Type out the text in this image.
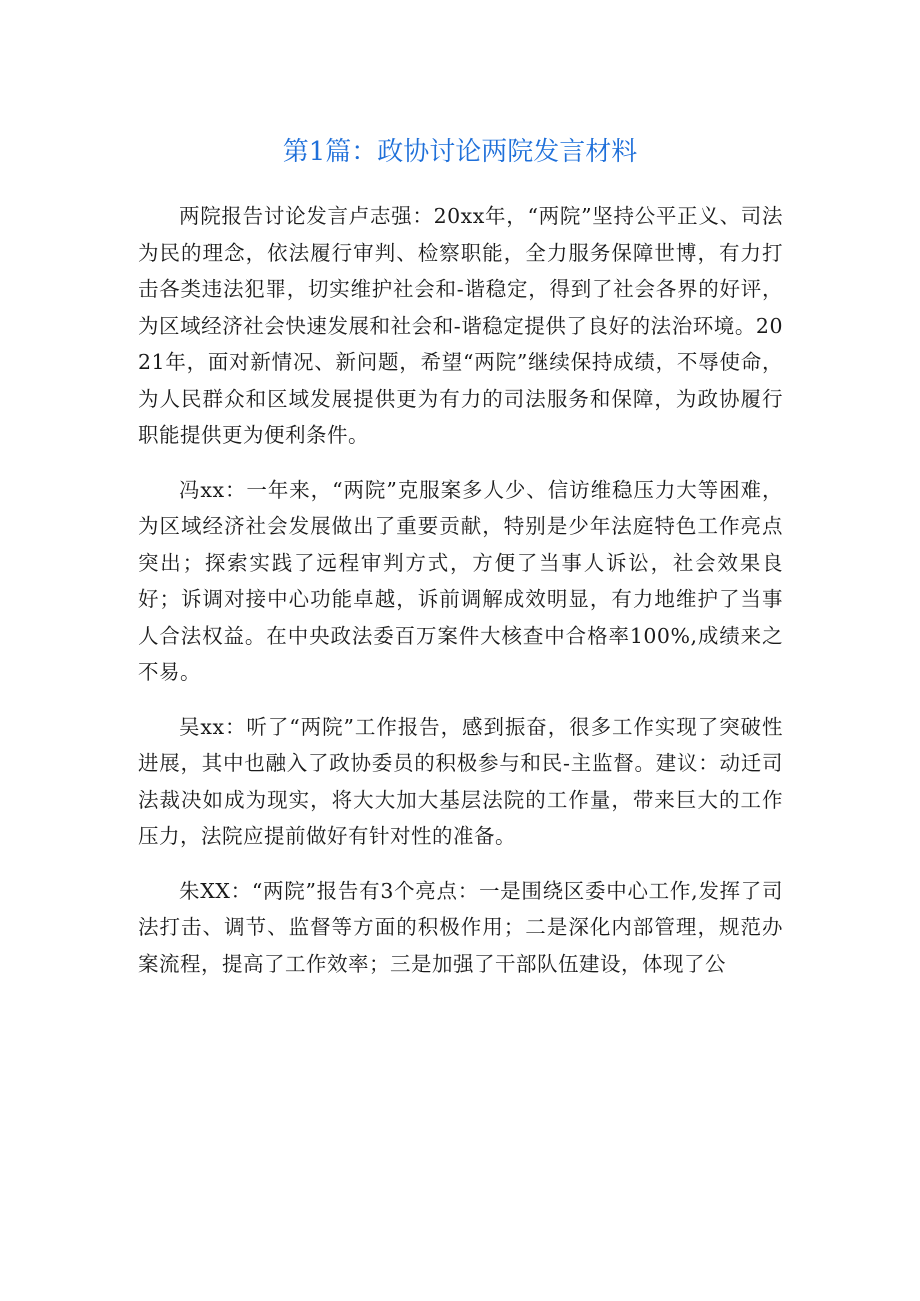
第1篇：政协讨论两院发言材料

两院报告讨论发言卢志强：20xx年，“两院”坚持公平正义、司法为民的理念，依法履行审判、检察职能，全力服务保障世博，有力打击各类违法犯罪，切实维护社会和-谐稳定，得到了社会各界的好评，为区域经济社会快速发展和社会和-谐稳定提供了良好的法治环境。2021年，面对新情况、新问题，希望“两院”继续保持成绩，不辱使命，为人民群众和区域发展提供更为有力的司法服务和保障，为政协履行职能提供更为便利条件。

冯xx：一年来，“两院”克服案多人少、信访维稳压力大等困难，为区域经济社会发展做出了重要贡献，特别是少年法庭特色工作亮点突出；探索实践了远程审判方式，方便了当事人诉讼，社会效果良好；诉调对接中心功能卓越，诉前调解成效明显，有力地维护了当事人合法权益。在中央政法委百万案件大核查中合格率100%,成绩来之不易。

吴xx：听了“两院”工作报告，感到振奋，很多工作实现了突破性进展，其中也融入了政协委员的积极参与和民-主监督。建议：动迁司法裁决如成为现实，将大大加大基层法院的工作量，带来巨大的工作压力，法院应提前做好有针对性的准备。

朱XX：“两院”报告有3个亮点：一是围绕区委中心工作,发挥了司法打击、调节、监督等方面的积极作用；二是深化内部管理，规范办案流程，提高了工作效率；三是加强了干部队伍建设，体现了公
